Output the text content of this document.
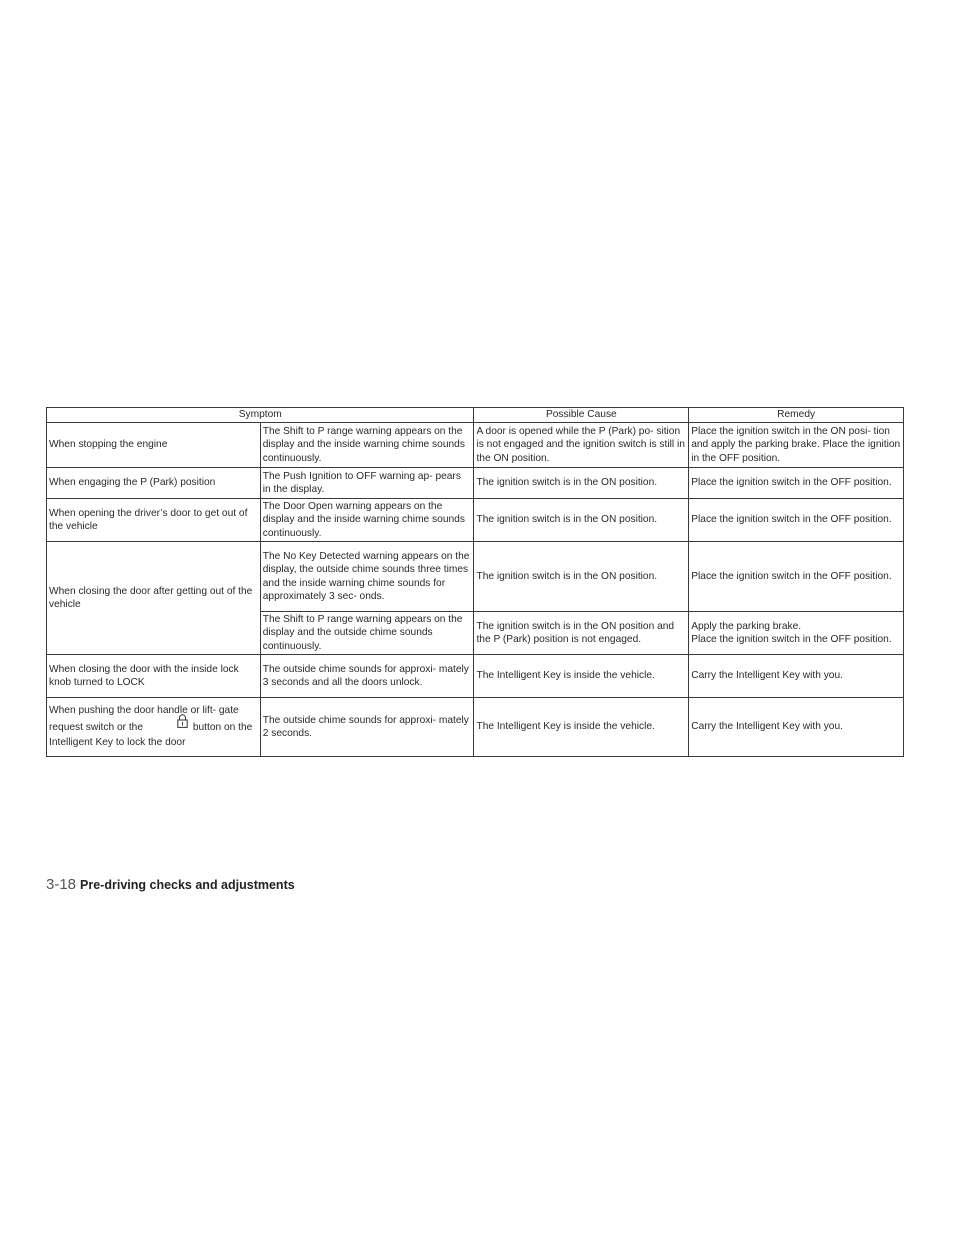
Symptom		Possible Cause	Remedy
When stopping the engine	The Shift to P range warning appears on the display and the inside warning chime sounds continuously.	A door is opened while the P (Park) po- sition is not engaged and the ignition switch is still in the ON position.	Place the ignition switch in the ON posi- tion and apply the parking brake. Place the ignition in the OFF position.
When engaging the P (Park) position	The Push Ignition to OFF warning ap- pears in the display.	The ignition switch is in the ON position.	Place the ignition switch in the OFF position.
When opening the driver’s door to get out of the vehicle	The Door Open warning appears on the display and the inside warning chime sounds continuously.	The ignition switch is in the ON position.	Place the ignition switch in the OFF position.
When closing the door after getting out of the vehicle	The No Key Detected warning appears on the display, the outside chime sounds three times and the inside warning chime sounds for approximately 3 sec- onds.	The ignition switch is in the ON position.	Place the ignition switch in the OFF position.
	The Shift to P range warning appears on the display and the outside chime sounds continuously.	The ignition switch is in the ON position and the P (Park) position is not engaged.	Apply the parking brake.
Place the ignition switch in the OFF position.

When closing the door with the inside lock knob turned to LOCK	The outside chime sounds for approxi- mately 3 seconds and all the doors unlock.	The Intelligent Key is inside the vehicle.	Carry the Intelligent Key with you.
When pushing the door handle or lift- gate request switch or the button on the Intelligent Key to lock the door	The outside chime sounds for approxi- mately 2 seconds.	The Intelligent Key is inside the vehicle.	Carry the Intelligent Key with you.
3-18 Pre-driving checks and adjustments
